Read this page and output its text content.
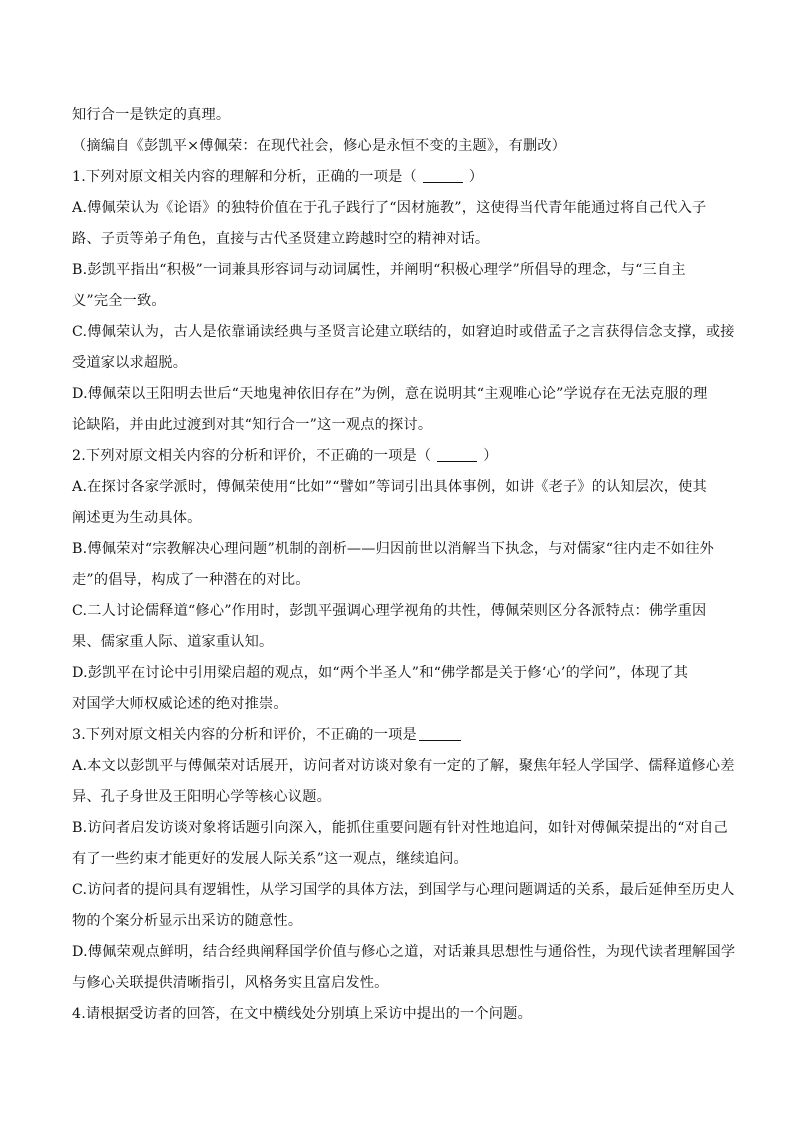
知行合一是铁定的真理。
（摘编自《彭凯平×傅佩荣：在现代社会，修心是永恒不变的主题》，有删改）
1.下列对原文相关内容的理解和分析，正确的一项是（	）
A.傅佩荣认为《论语》的独特价值在于孔子践行了“因材施教”，这使得当代青年能通过将自己代入子
路、子贡等弟子角色，直接与古代圣贤建立跨越时空的精神对话。
B.彭凯平指出“积极”一词兼具形容词与动词属性，并阐明“积极心理学”所倡导的理念，与“三自主
义”完全一致。
C.傅佩荣认为，古人是依靠诵读经典与圣贤言论建立联结的，如窘迫时或借孟子之言获得信念支撑，或接
受道家以求超脱。
D.傅佩荣以王阳明去世后“天地鬼神依旧存在”为例，意在说明其“主观唯心论”学说存在无法克服的理
论缺陷，并由此过渡到对其“知行合一”这一观点的探讨。
2.下列对原文相关内容的分析和评价，不正确的一项是（	）
A.在探讨各家学派时，傅佩荣使用“比如”“譬如”等词引出具体事例，如讲《老子》的认知层次，使其
阐述更为生动具体。
B.傅佩荣对“宗教解决心理问题”机制的剖析——归因前世以消解当下执念，与对儒家“往内走不如往外
走”的倡导，构成了一种潜在的对比。
C.二人讨论儒释道“修心”作用时，彭凯平强调心理学视角的共性，傅佩荣则区分各派特点：佛学重因
果、儒家重人际、道家重认知。
D.彭凯平在讨论中引用梁启超的观点，如“两个半圣人”和“佛学都是关于修‘心’的学问”，体现了其
对国学大师权威论述的绝对推崇。
3.下列对原文相关内容的分析和评价，不正确的一项是
A.本文以彭凯平与傅佩荣对话展开，访问者对访谈对象有一定的了解，聚焦年轻人学国学、儒释道修心差
异、孔子身世及王阳明心学等核心议题。
B.访问者启发访谈对象将话题引向深入，能抓住重要问题有针对性地追问，如针对傅佩荣提出的“对自己
有了一些约束才能更好的发展人际关系”这一观点，继续追问。
C.访问者的提问具有逻辑性，从学习国学的具体方法，到国学与心理问题调适的关系，最后延伸至历史人
物的个案分析显示出采访的随意性。
D.傅佩荣观点鲜明，结合经典阐释国学价值与修心之道，对话兼具思想性与通俗性，为现代读者理解国学
与修心关联提供清晰指引，风格务实且富启发性。
4.请根据受访者的回答，在文中横线处分别填上采访中提出的一个问题。
